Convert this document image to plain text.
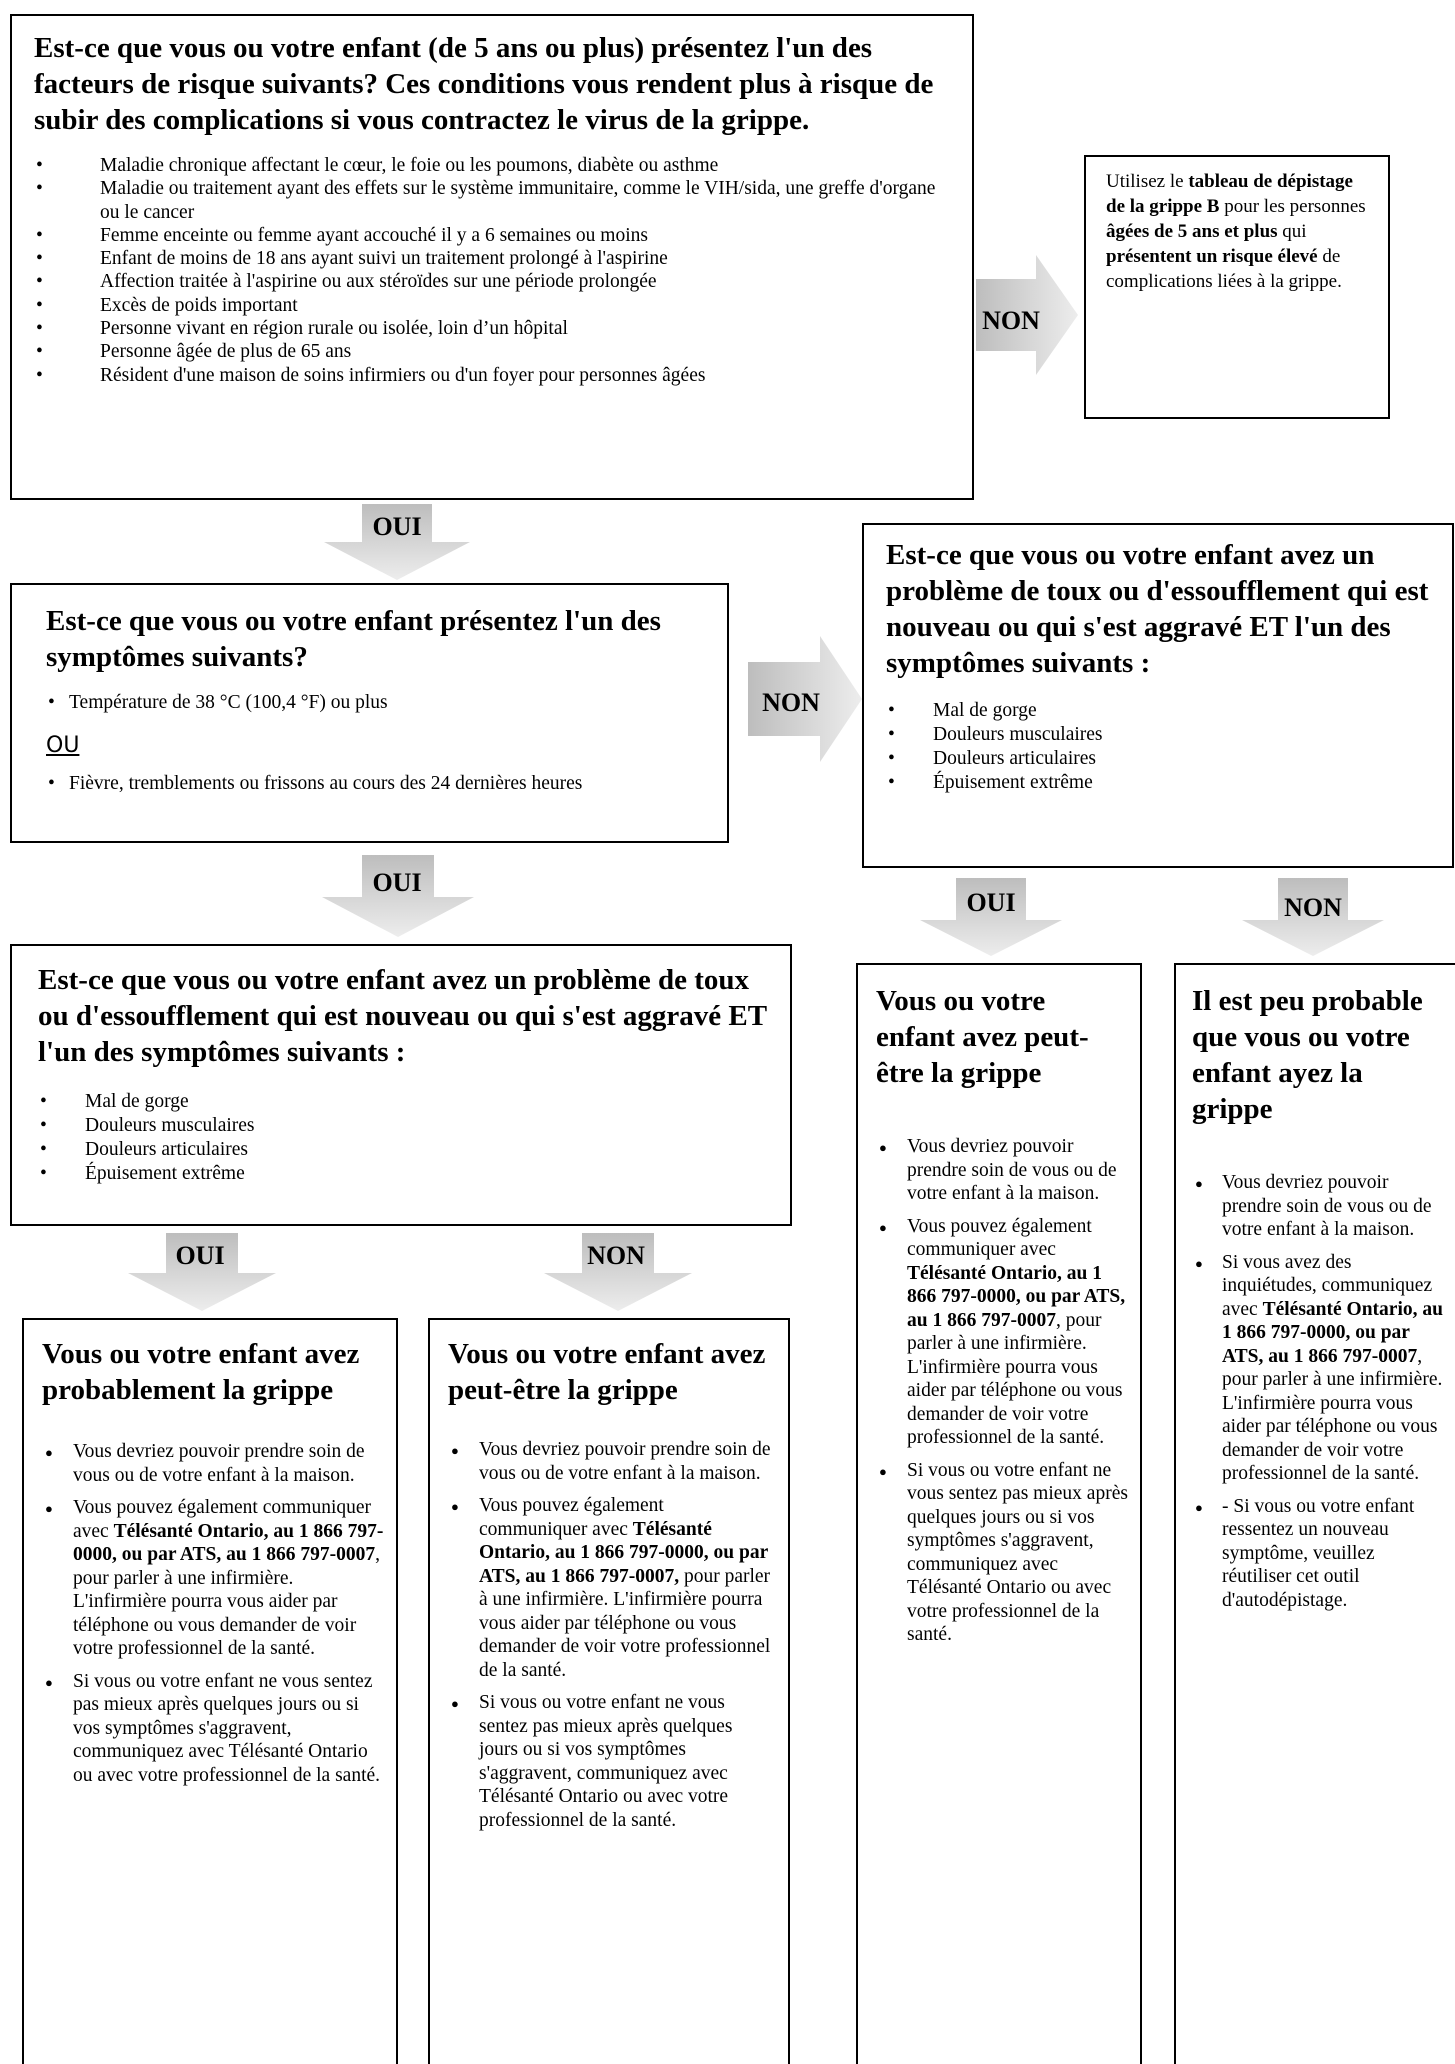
Est-ce que vous ou votre enfant (de 5 ans ou plus) présentez l'un des facteurs de risque suivants? Ces conditions vous rendent plus à risque de subir des complications si vous contractez le virus de la grippe.

• Maladie chronique affectant le cœur, le foie ou les poumons, diabète ou asthme
• Maladie ou traitement ayant des effets sur le système immunitaire, comme le VIH/sida, une greffe d'organe ou le cancer
• Femme enceinte ou femme ayant accouché il y a 6 semaines ou moins
• Enfant de moins de 18 ans ayant suivi un traitement prolongé à l'aspirine
• Affection traitée à l'aspirine ou aux stéroïdes sur une période prolongée
• Excès de poids important
• Personne vivant en région rurale ou isolée, loin d’un hôpital
• Personne âgée de plus de 65 ans
• Résident d'une maison de soins infirmiers ou d'un foyer pour personnes âgées
NON
Utilisez le tableau de dépistage de la grippe B pour les personnes âgées de 5 ans et plus qui présentent un risque élevé de complications liées à la grippe.
OUI

Est-ce que vous ou votre enfant présentez l'un des symptômes suivants?

• Température de 38 °C (100,4 °F) ou plus
OU
• Fièvre, tremblements ou frissons au cours des 24 dernières heures
NON

Est-ce que vous ou votre enfant avez un problème de toux ou d'essoufflement qui est nouveau ou qui s'est aggravé ET l'un des symptômes suivants :

• Mal de gorge
• Douleurs musculaires
• Douleurs articulaires
• Épuisement extrême
OUI
OUI	NON

Est-ce que vous ou votre enfant avez un problème de toux ou d'essoufflement qui est nouveau ou qui s'est aggravé ET l'un des symptômes suivants :

• Mal de gorge
• Douleurs musculaires
• Douleurs articulaires
• Épuisement extrême
OUI	NON

Vous ou votre enfant avez probablement la grippe

● Vous devriez pouvoir prendre soin de vous ou de votre enfant à la maison.
● Vous pouvez également communiquer avec Télésanté Ontario, au 1 866 797-0000, ou par ATS, au 1 866 797-0007, pour parler à une infirmière. L'infirmière pourra vous aider par téléphone ou vous demander de voir votre professionnel de la santé.
● Si vous ou votre enfant ne vous sentez pas mieux après quelques jours ou si vos symptômes s'aggravent, communiquez avec Télésanté Ontario ou avec votre professionnel de la santé.

Vous ou votre enfant avez peut-être la grippe

● Vous devriez pouvoir prendre soin de vous ou de votre enfant à la maison.
● Vous pouvez également communiquer avec Télésanté Ontario, au 1 866 797-0000, ou par ATS, au 1 866 797-0007, pour parler à une infirmière. L'infirmière pourra vous aider par téléphone ou vous demander de voir votre professionnel de la santé.
● Si vous ou votre enfant ne vous sentez pas mieux après quelques jours ou si vos symptômes s'aggravent, communiquez avec Télésanté Ontario ou avec votre professionnel de la santé.

Vous ou votre enfant avez peut-être la grippe

● Vous devriez pouvoir prendre soin de vous ou de votre enfant à la maison.
● Vous pouvez également communiquer avec Télésanté Ontario, au 1 866 797-0000, ou par ATS, au 1 866 797-0007, pour parler à une infirmière. L'infirmière pourra vous aider par téléphone ou vous demander de voir votre professionnel de la santé.
● Si vous ou votre enfant ne vous sentez pas mieux après quelques jours ou si vos symptômes s'aggravent, communiquez avec Télésanté Ontario ou avec votre professionnel de la santé.

Il est peu probable que vous ou votre enfant ayez la grippe

● Vous devriez pouvoir prendre soin de vous ou de votre enfant à la maison.
● Si vous avez des inquiétudes, communiquez avec Télésanté Ontario, au 1 866 797-0000, ou par ATS, au 1 866 797-0007, pour parler à une infirmière. L'infirmière pourra vous aider par téléphone ou vous demander de voir votre professionnel de la santé.
● - Si vous ou votre enfant ressentez un nouveau symptôme, veuillez réutiliser cet outil d'autodépistage.
